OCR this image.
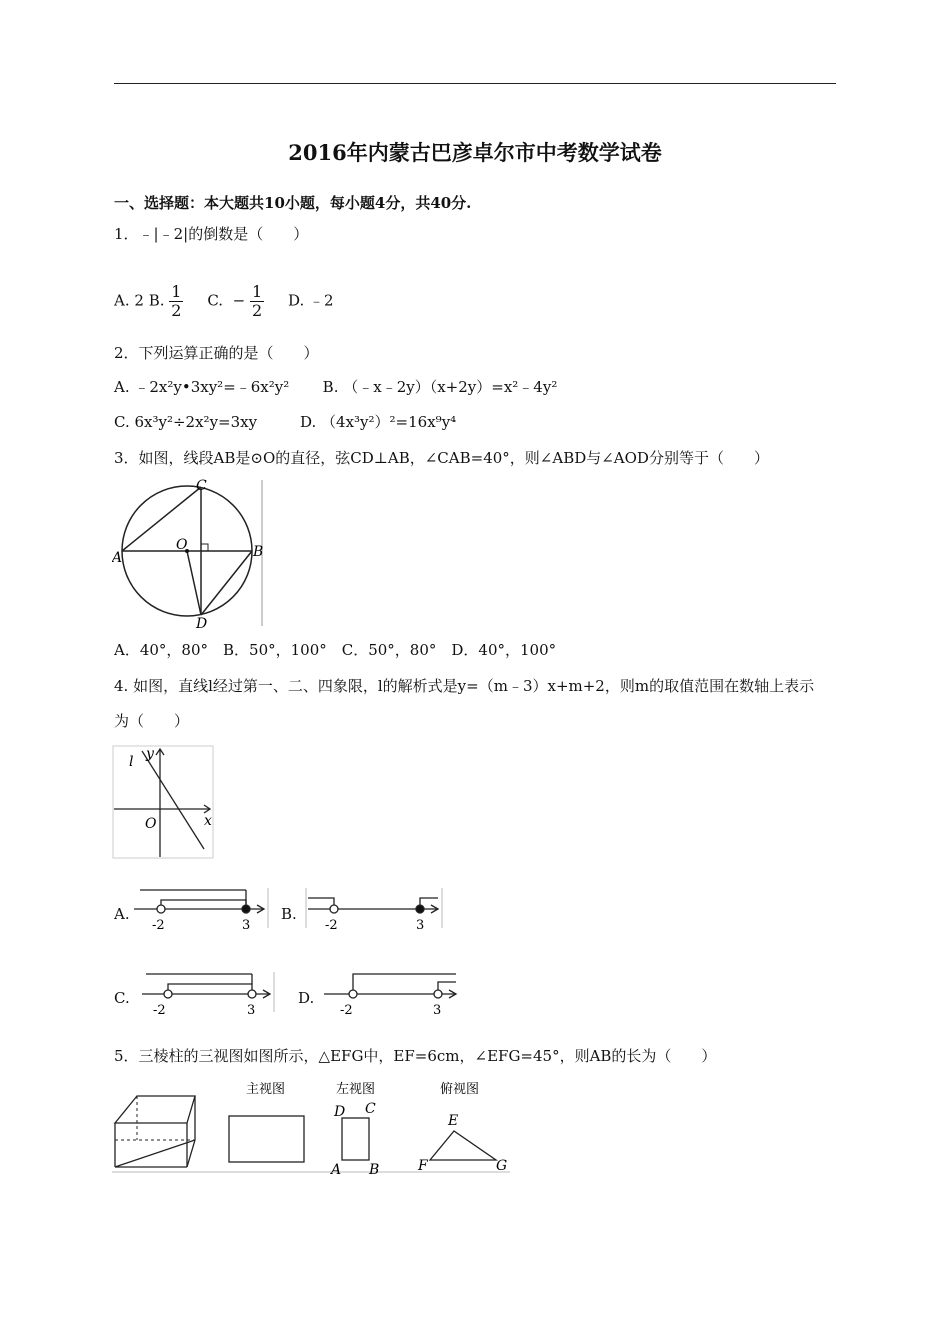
2016年内蒙古巴彦卓尔市中考数学试卷
一、选择题：本大题共10小题，每小题4分，共40分.
1．﹣|﹣2|的倒数是（　　）
A. 2 B. $\frac{1}{2} C$. − $\frac{1}{2} D$. ﹣2
2．下列运算正确的是（　　）
A. ﹣2x²y•3xy²=﹣6x²y² B. （﹣x﹣2y）（x+2y）=x²﹣4y²
C. 6x³y²÷2x²y=3xy	D. （4x³y²）²=16x⁹y⁴
3．如图，线段AB是⊙O的直径，弦CD⊥AB，∠CAB=40°，则∠ABD与∠AOD分别等于（　　）
A	B
C
D
O
A．40°，80°　B．50°，100°　C．50°，80°　D．40°，100°
4. 如图，直线l经过第一、二、四象限，l的解析式是y=（m﹣3）x+m+2，则m的取值范围在数轴上表示
为（　　）
l y
x
O
A.
-2	3
B.
-2	3
C.
-2	3
D.
-2	3
5．三棱柱的三视图如图所示，△EFG中，EF=6cm，∠EFG=45°，则AB的长为（　　）
主视图	左视图
D C
A B
俯视图
E
F	G
